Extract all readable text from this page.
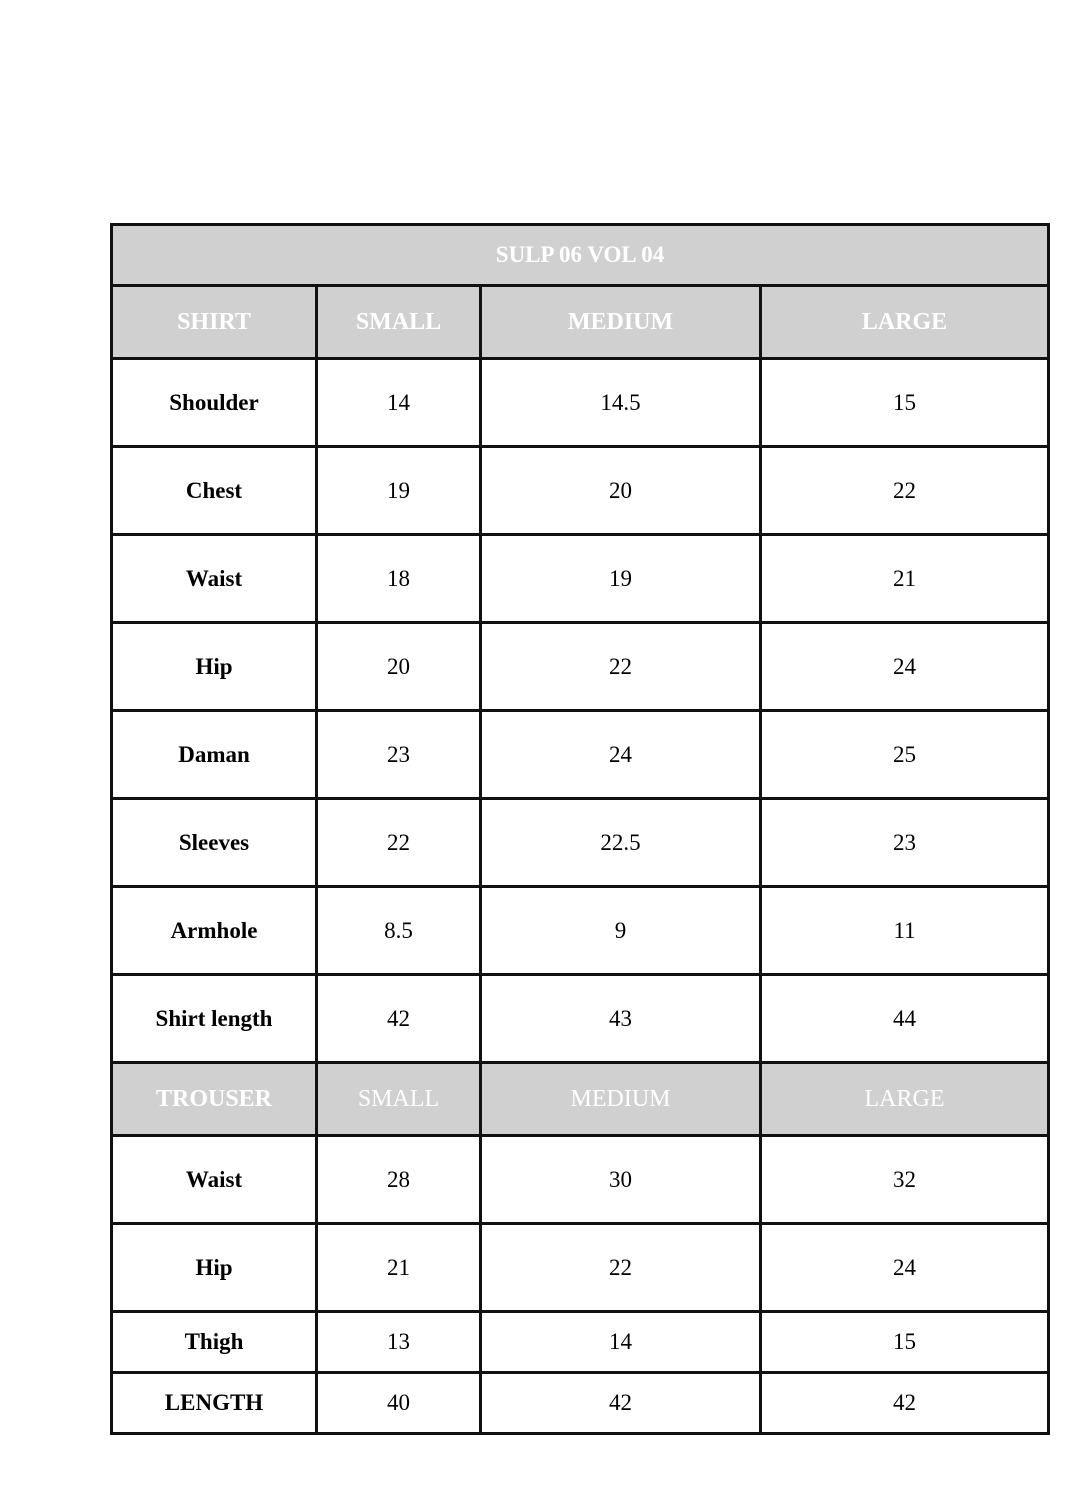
SULP 06 VOL 04			
SHIRT	SMALL	MEDIUM	LARGE
Shoulder	14	14.5	15
Chest	19	20	22
Waist	18	19	21
Hip	20	22	24
Daman	23	24	25
Sleeves	22	22.5	23
Armhole	8.5	9	11
Shirt length	42	43	44
TROUSER	SMALL	MEDIUM	LARGE
Waist	28	30	32
Hip	21	22	24
Thigh	13	14	15
LENGTH	40	42	42
